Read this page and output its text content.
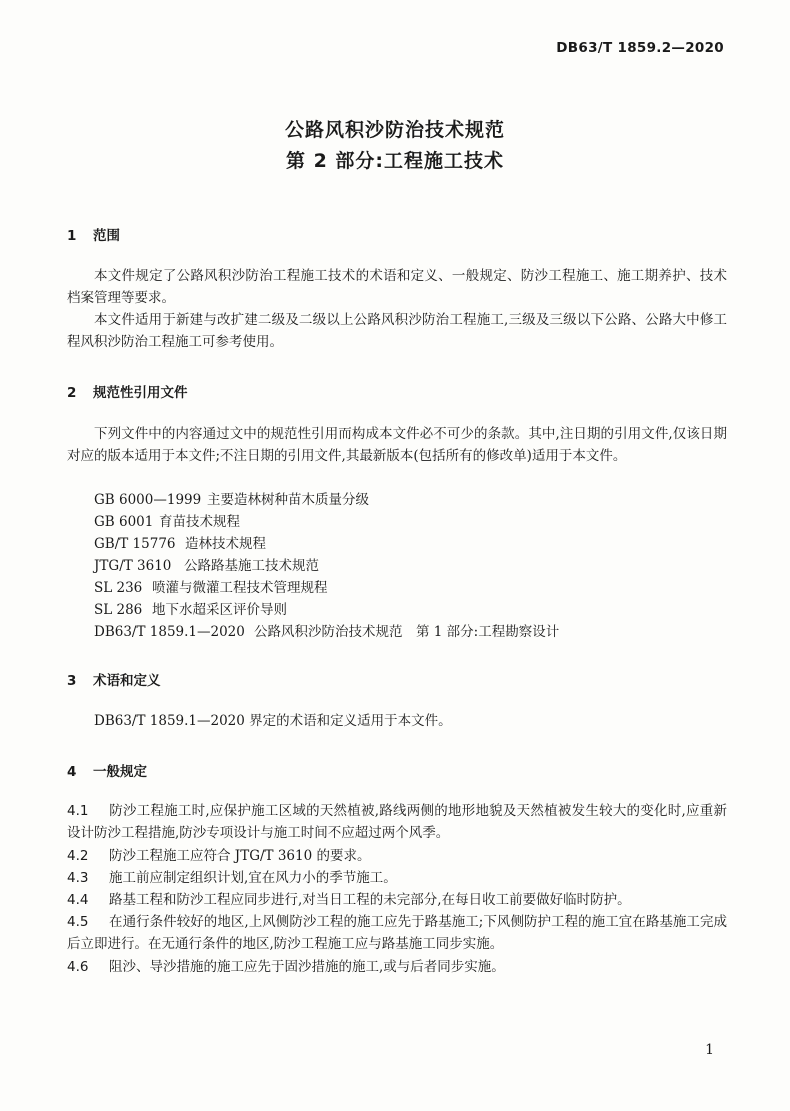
DB63/T 1859.2—2020
公路风积沙防治技术规范
第 2 部分:工程施工技术
1 范围
本文件规定了公路风积沙防治工程施工技术的术语和定义、一般规定、防沙工程施工、施工期养护、技术档案管理等要求。
本文件适用于新建与改扩建二级及二级以上公路风积沙防治工程施工,三级及三级以下公路、公路大中修工程风积沙防治工程施工可参考使用。
2 规范性引用文件
下列文件中的内容通过文中的规范性引用而构成本文件必不可少的条款。其中,注日期的引用文件,仅该日期对应的版本适用于本文件;不注日期的引用文件,其最新版本(包括所有的修改单)适用于本文件。
GB 6000—1999 主要造林树种苗木质量分级
GB 6001 育苗技术规程
GB/T 15776 造林技术规程
JTG/T 3610 公路路基施工技术规范
SL 236 喷灌与微灌工程技术管理规程
SL 286 地下水超采区评价导则
DB63/T 1859.1—2020 公路风积沙防治技术规范　第 1 部分:工程勘察设计
3 术语和定义
DB63/T 1859.1—2020 界定的术语和定义适用于本文件。
4 一般规定
4.1 防沙工程施工时,应保护施工区域的天然植被,路线两侧的地形地貌及天然植被发生较大的变化时,应重新设计防沙工程措施,防沙专项设计与施工时间不应超过两个风季。
4.2 防沙工程施工应符合 JTG/T 3610 的要求。
4.3 施工前应制定组织计划,宜在风力小的季节施工。
4.4 路基工程和防沙工程应同步进行,对当日工程的未完部分,在每日收工前要做好临时防护。
4.5 在通行条件较好的地区,上风侧防沙工程的施工应先于路基施工;下风侧防护工程的施工宜在路基施工完成后立即进行。在无通行条件的地区,防沙工程施工应与路基施工同步实施。
4.6 阻沙、导沙措施的施工应先于固沙措施的施工,或与后者同步实施。
1
